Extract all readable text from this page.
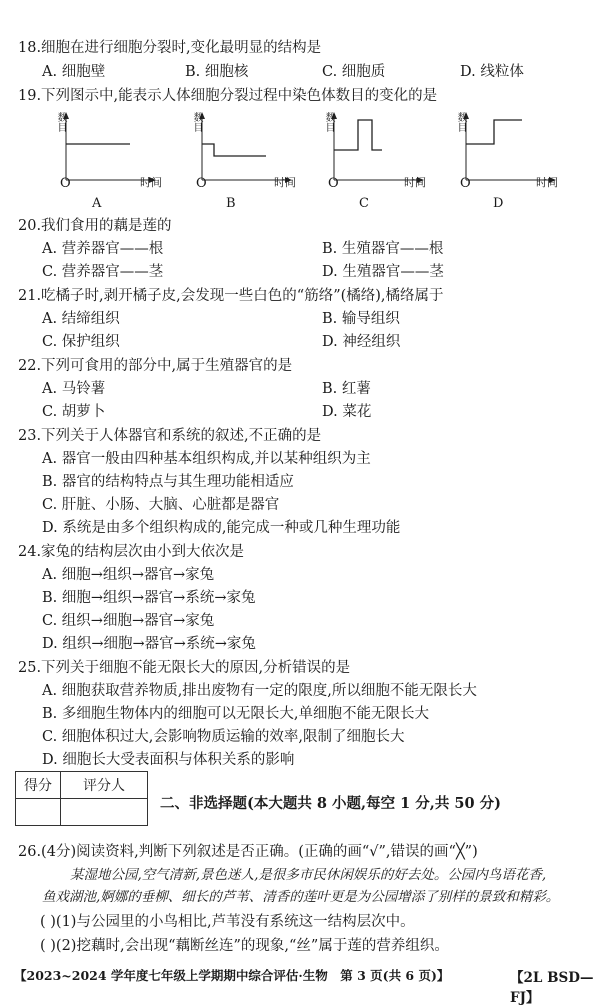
18.细胞在进行细胞分裂时,变化最明显的结构是
A. 细胞壁	B. 细胞核	C. 细胞质	D. 线粒体
19.下列图示中,能表示人体细胞分裂过程中染色体数目的变化的是
数目
O	时间
A
数目
O	时间
B
数目
O	时间
C
数目
O	时间
D
20.我们食用的藕是莲的
A. 营养器官——根	B. 生殖器官——根
C. 营养器官——茎	D. 生殖器官——茎
21.吃橘子时,剥开橘子皮,会发现一些白色的“筋络”(橘络),橘络属于
A. 结缔组织	B. 输导组织
C. 保护组织	D. 神经组织
22.下列可食用的部分中,属于生殖器官的是
A. 马铃薯	B. 红薯
C. 胡萝卜	D. 菜花
23.下列关于人体器官和系统的叙述,不正确的是
A. 器官一般由四种基本组织构成,并以某种组织为主
B. 器官的结构特点与其生理功能相适应
C. 肝脏、小肠、大脑、心脏都是器官
D. 系统是由多个组织构成的,能完成一种或几种生理功能
24.家兔的结构层次由小到大依次是
A. 细胞→组织→器官→家兔
B. 细胞→组织→器官→系统→家兔
C. 组织→细胞→器官→家兔
D. 组织→细胞→器官→系统→家兔
25.下列关于细胞不能无限长大的原因,分析错误的是
A. 细胞获取营养物质,排出废物有一定的限度,所以细胞不能无限长大
B. 多细胞生物体内的细胞可以无限长大,单细胞不能无限长大
C. 细胞体积过大,会影响物质运输的效率,限制了细胞长大
D. 细胞长大受表面积与体积关系的影响
得分	评分人

二、非选择题(本大题共 8 小题,每空 1 分,共 50 分)
26.(4分)阅读资料,判断下列叙述是否正确。(正确的画“√”,错误的画“╳”)
某湿地公园,空气清新,景色迷人,是很多市民休闲娱乐的好去处。公园内鸟语花香,
鱼戏湖池,婀娜的垂柳、细长的芦苇、清香的莲叶更是为公园增添了别样的景致和精彩。
( )(1)与公园里的小鸟相比,芦苇没有系统这一结构层次中。
( )(2)挖藕时,会出现“藕断丝连”的现象,“丝”属于莲的营养组织。
【2023~2024 学年度七年级上学期期中综合评估·生物　第 3 页(共 6 页)】	【2L BSD—FJ】
